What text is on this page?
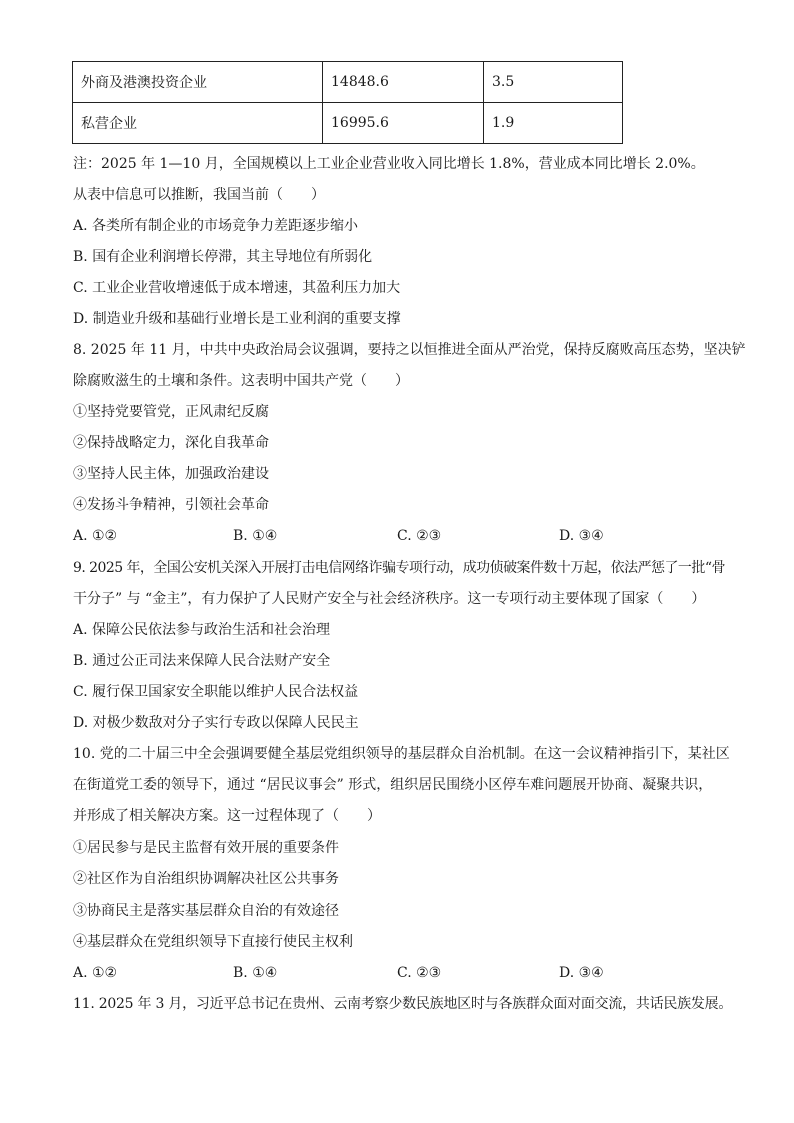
外商及港澳投资企业	14848.6	3.5
私营企业	16995.6	1.9
注：2025 年 1—10 月，全国规模以上工业企业营业收入同比增长 1.8%，营业成本同比增长 2.0%。
从表中信息可以推断，我国当前（　　）
A. 各类所有制企业的市场竞争力差距逐步缩小
B. 国有企业利润增长停滞，其主导地位有所弱化
C. 工业企业营收增速低于成本增速，其盈利压力加大
D. 制造业升级和基础行业增长是工业利润的重要支撑
8. 2025 年 11 月，中共中央政治局会议强调，要持之以恒推进全面从严治党，保持反腐败高压态势，坚决铲
除腐败滋生的土壤和条件。这表明中国共产党（　　）
①坚持党要管党，正风肃纪反腐
②保持战略定力，深化自我革命
③坚持人民主体，加强政治建设
④发扬斗争精神，引领社会革命
A. ①②	B. ①④	C. ②③	D. ③④
9. 2025 年，全国公安机关深入开展打击电信网络诈骗专项行动，成功侦破案件数十万起，依法严惩了一批“骨
干分子” 与 “金主”，有力保护了人民财产安全与社会经济秩序。这一专项行动主要体现了国家（　　）
A. 保障公民依法参与政治生活和社会治理
B. 通过公正司法来保障人民合法财产安全
C. 履行保卫国家安全职能以维护人民合法权益
D. 对极少数敌对分子实行专政以保障人民民主
10. 党的二十届三中全会强调要健全基层党组织领导的基层群众自治机制。在这一会议精神指引下，某社区
在街道党工委的领导下，通过 “居民议事会” 形式，组织居民围绕小区停车难问题展开协商、凝聚共识，
并形成了相关解决方案。这一过程体现了（　　）
①居民参与是民主监督有效开展的重要条件
②社区作为自治组织协调解决社区公共事务
③协商民主是落实基层群众自治的有效途径
④基层群众在党组织领导下直接行使民主权利
A. ①②	B. ①④	C. ②③	D. ③④
11. 2025 年 3 月，习近平总书记在贵州、云南考察少数民族地区时与各族群众面对面交流，共话民族发展。
